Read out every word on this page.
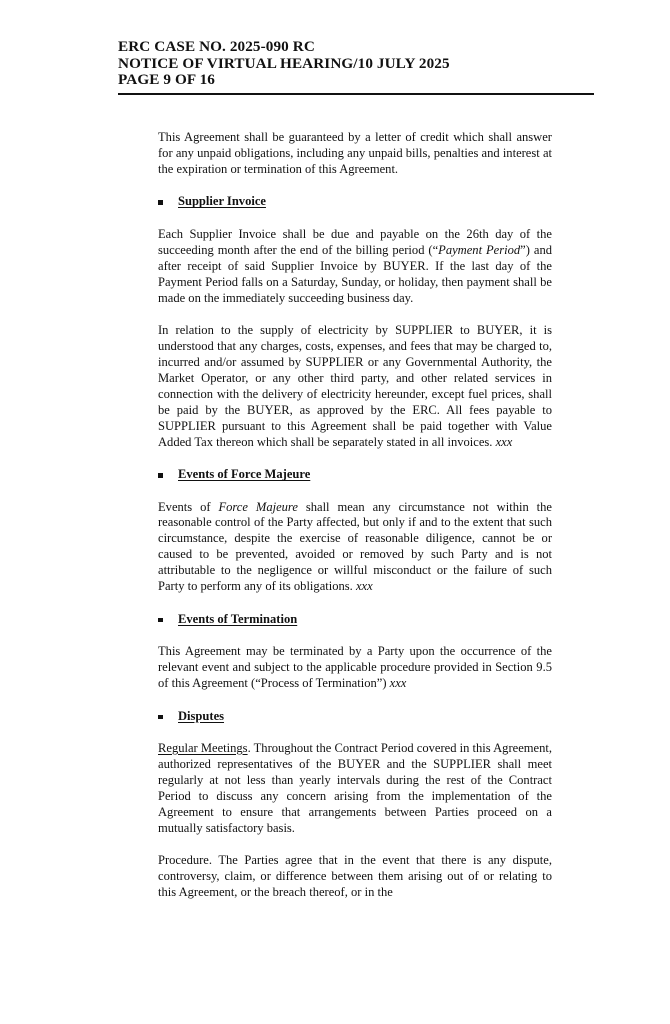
ERC CASE NO. 2025-090 RC
NOTICE OF VIRTUAL HEARING/10 JULY 2025
PAGE 9 OF 16

This Agreement shall be guaranteed by a letter of credit which shall answer for any unpaid obligations, including any unpaid bills, penalties and interest at the expiration or termination of this Agreement.

Supplier Invoice

Each Supplier Invoice shall be due and payable on the 26th day of the succeeding month after the end of the billing period (“Payment Period”) and after receipt of said Supplier Invoice by BUYER. If the last day of the Payment Period falls on a Saturday, Sunday, or holiday, then payment shall be made on the immediately succeeding business day.

In relation to the supply of electricity by SUPPLIER to BUYER, it is understood that any charges, costs, expenses, and fees that may be charged to, incurred and/or assumed by SUPPLIER or any Governmental Authority, the Market Operator, or any other third party, and other related services in connection with the delivery of electricity hereunder, except fuel prices, shall be paid by the BUYER, as approved by the ERC. All fees payable to SUPPLIER pursuant to this Agreement shall be paid together with Value Added Tax thereon which shall be separately stated in all invoices. xxx

Events of Force Majeure

Events of Force Majeure shall mean any circumstance not within the reasonable control of the Party affected, but only if and to the extent that such circumstance, despite the exercise of reasonable diligence, cannot be or caused to be prevented, avoided or removed by such Party and is not attributable to the negligence or willful misconduct or the failure of such Party to perform any of its obligations. xxx

Events of Termination

This Agreement may be terminated by a Party upon the occurrence of the relevant event and subject to the applicable procedure provided in Section 9.5 of this Agreement (“Process of Termination”) xxx

Disputes

Regular Meetings. Throughout the Contract Period covered in this Agreement, authorized representatives of the BUYER and the SUPPLIER shall meet regularly at not less than yearly intervals during the rest of the Contract Period to discuss any concern arising from the implementation of the Agreement to ensure that arrangements between Parties proceed on a mutually satisfactory basis.

Procedure. The Parties agree that in the event that there is any dispute, controversy, claim, or difference between them arising out of or relating to this Agreement, or the breach thereof, or in the
